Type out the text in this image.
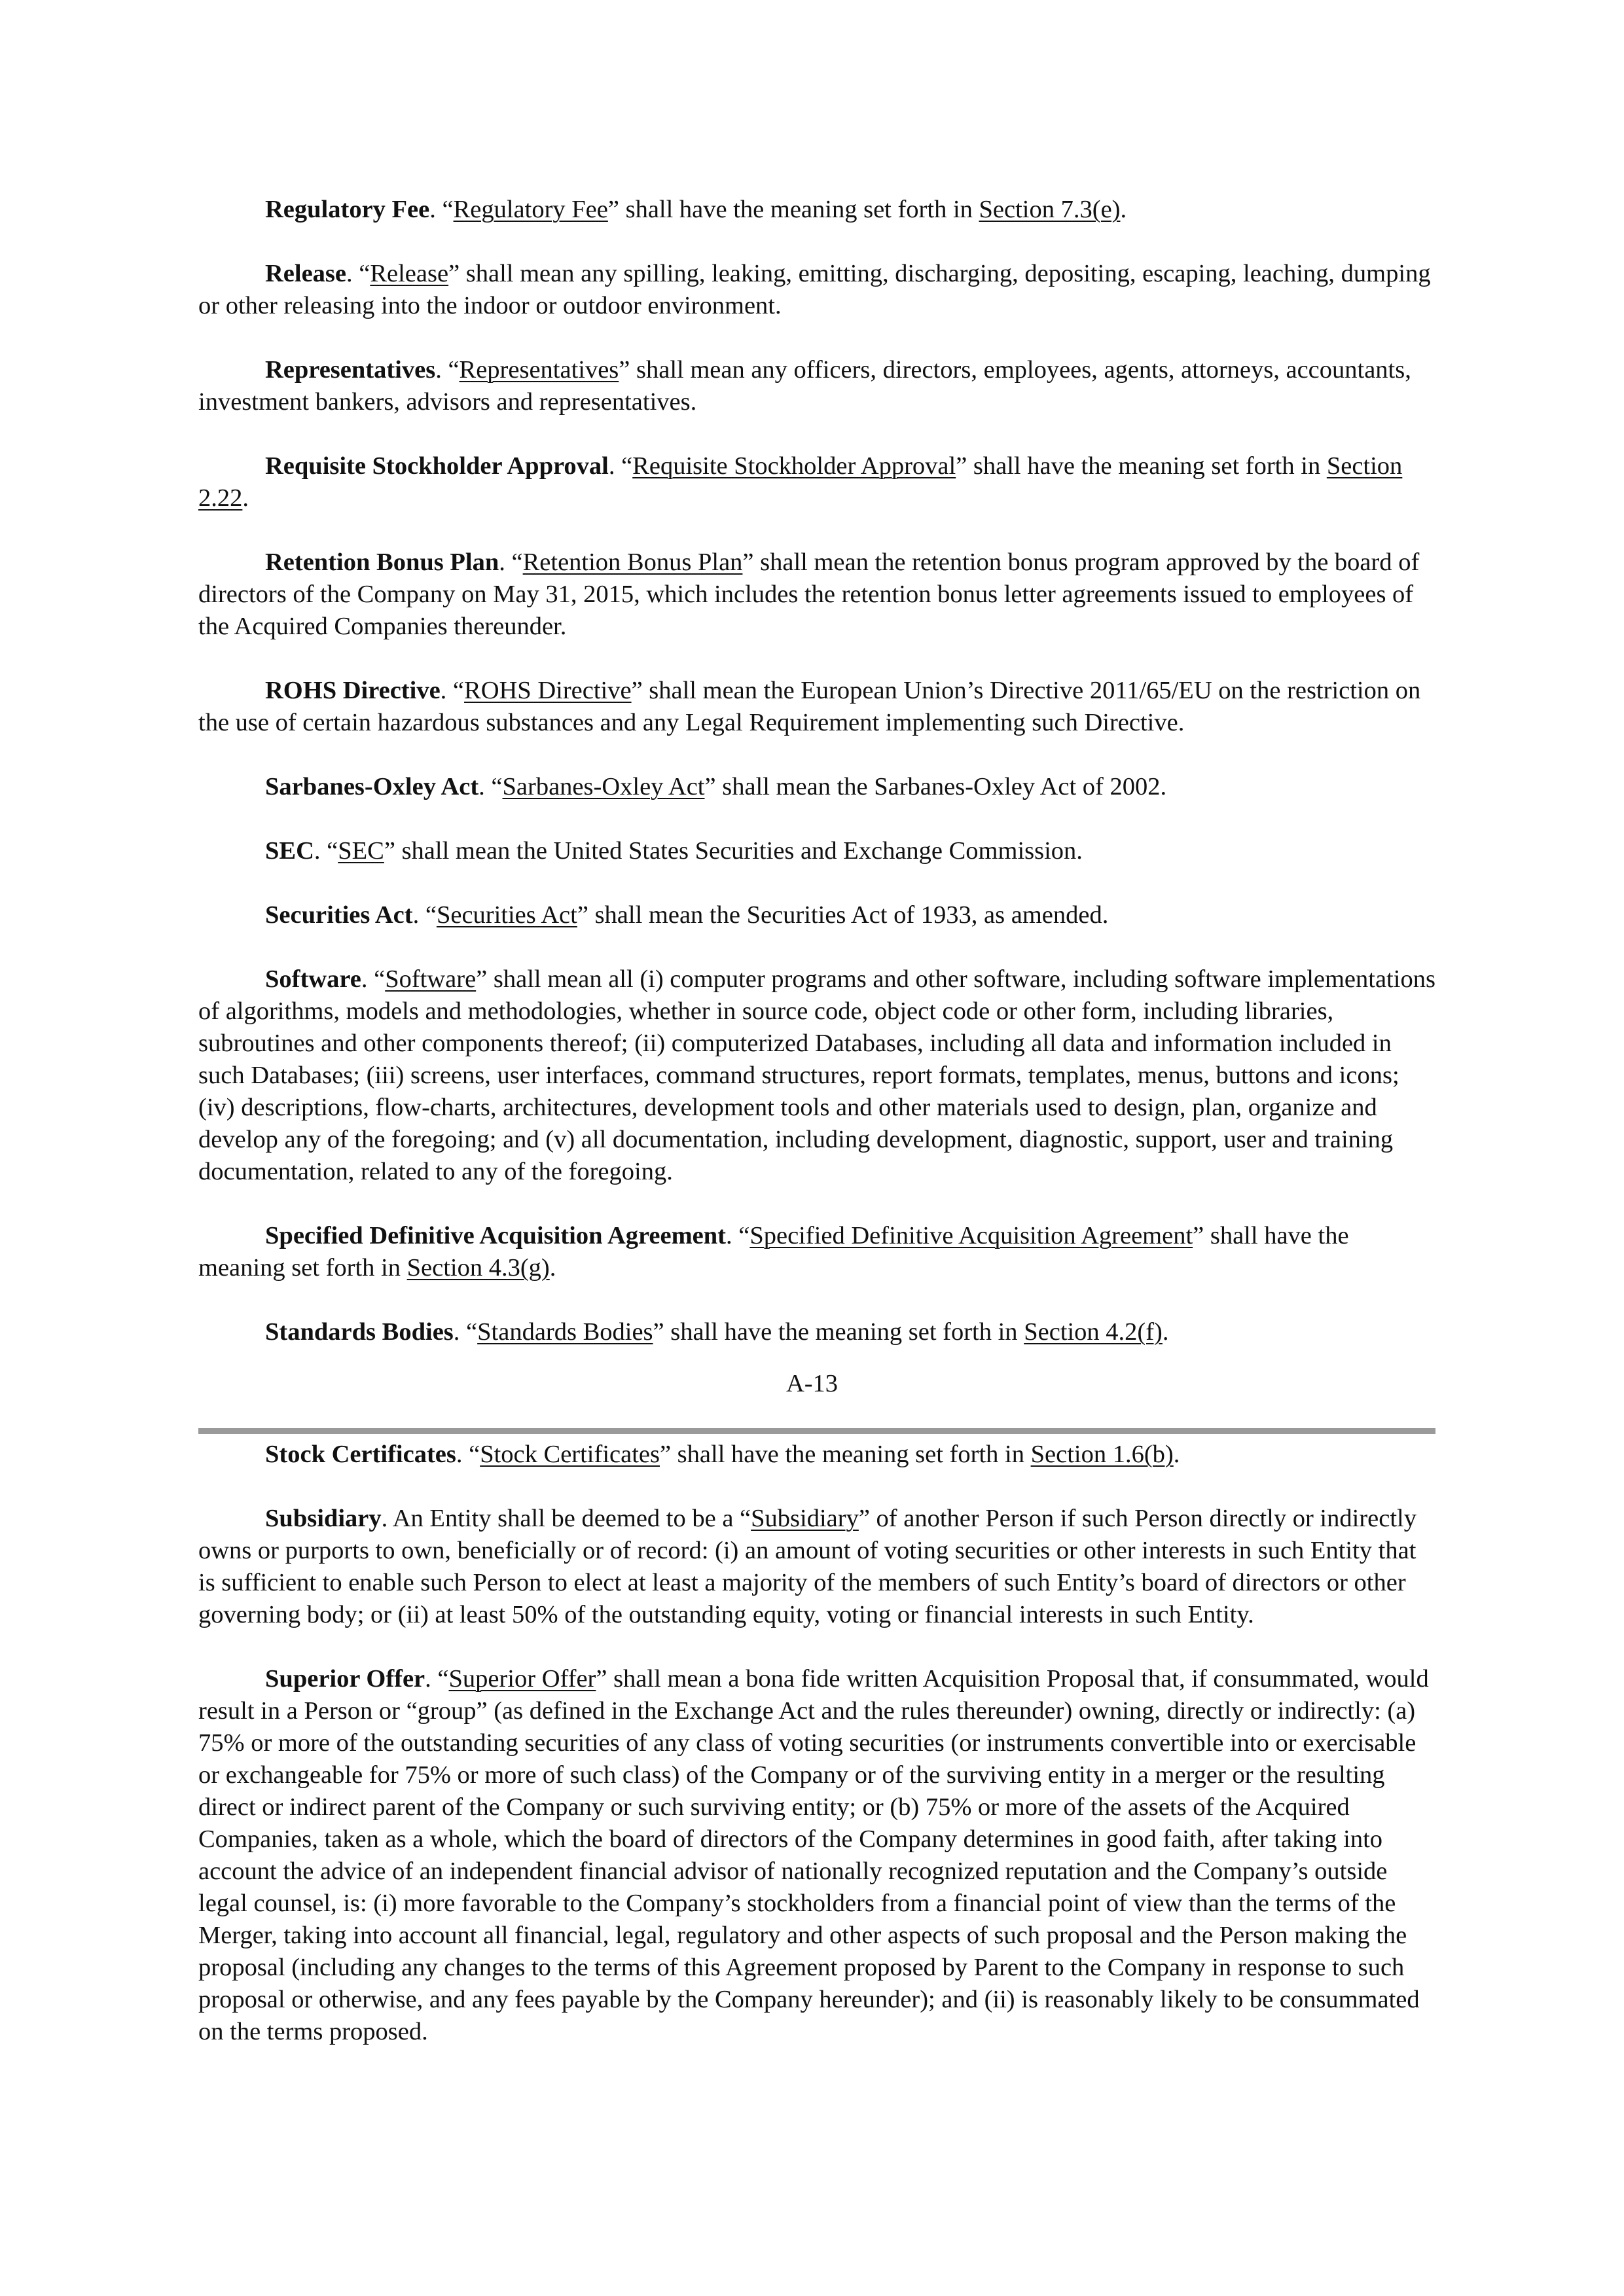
Regulatory Fee. “Regulatory Fee” shall have the meaning set forth in Section 7.3(e).

Release. “Release” shall mean any spilling, leaking, emitting, discharging, depositing, escaping, leaching, dumping or other releasing into the indoor or outdoor environment.

Representatives. “Representatives” shall mean any officers, directors, employees, agents, attorneys, accountants, investment bankers, advisors and representatives.

Requisite Stockholder Approval. “Requisite Stockholder Approval” shall have the meaning set forth in Section 2.22.

Retention Bonus Plan. “Retention Bonus Plan” shall mean the retention bonus program approved by the board of directors of the Company on May 31, 2015, which includes the retention bonus letter agreements issued to employees of the Acquired Companies thereunder.

ROHS Directive. “ROHS Directive” shall mean the European Union’s Directive 2011/65/EU on the restriction on the use of certain hazardous substances and any Legal Requirement implementing such Directive.

Sarbanes-Oxley Act. “Sarbanes-Oxley Act” shall mean the Sarbanes-Oxley Act of 2002.

SEC. “SEC” shall mean the United States Securities and Exchange Commission.

Securities Act. “Securities Act” shall mean the Securities Act of 1933, as amended.

Software. “Software” shall mean all (i) computer programs and other software, including software implementations of algorithms, models and methodologies, whether in source code, object code or other form, including libraries, subroutines and other components thereof; (ii) computerized Databases, including all data and information included in such Databases; (iii) screens, user interfaces, command structures, report formats, templates, menus, buttons and icons; (iv) descriptions, flow-charts, architectures, development tools and other materials used to design, plan, organize and develop any of the foregoing; and (v) all documentation, including development, diagnostic, support, user and training documentation, related to any of the foregoing.

Specified Definitive Acquisition Agreement. “Specified Definitive Acquisition Agreement” shall have the meaning set forth in Section 4.3(g).

Standards Bodies. “Standards Bodies” shall have the meaning set forth in Section 4.2(f).

A-13

Stock Certificates. “Stock Certificates” shall have the meaning set forth in Section 1.6(b).

Subsidiary. An Entity shall be deemed to be a “Subsidiary” of another Person if such Person directly or indirectly owns or purports to own, beneficially or of record: (i) an amount of voting securities or other interests in such Entity that is sufficient to enable such Person to elect at least a majority of the members of such Entity’s board of directors or other governing body; or (ii) at least 50% of the outstanding equity, voting or financial interests in such Entity.

Superior Offer. “Superior Offer” shall mean a bona fide written Acquisition Proposal that, if consummated, would result in a Person or “group” (as defined in the Exchange Act and the rules thereunder) owning, directly or indirectly: (a) 75% or more of the outstanding securities of any class of voting securities (or instruments convertible into or exercisable or exchangeable for 75% or more of such class) of the Company or of the surviving entity in a merger or the resulting direct or indirect parent of the Company or such surviving entity; or (b) 75% or more of the assets of the Acquired Companies, taken as a whole, which the board of directors of the Company determines in good faith, after taking into account the advice of an independent financial advisor of nationally recognized reputation and the Company’s outside legal counsel, is: (i) more favorable to the Company’s stockholders from a financial point of view than the terms of the Merger, taking into account all financial, legal, regulatory and other aspects of such proposal and the Person making the proposal (including any changes to the terms of this Agreement proposed by Parent to the Company in response to such proposal or otherwise, and any fees payable by the Company hereunder); and (ii) is reasonably likely to be consummated on the terms proposed.
